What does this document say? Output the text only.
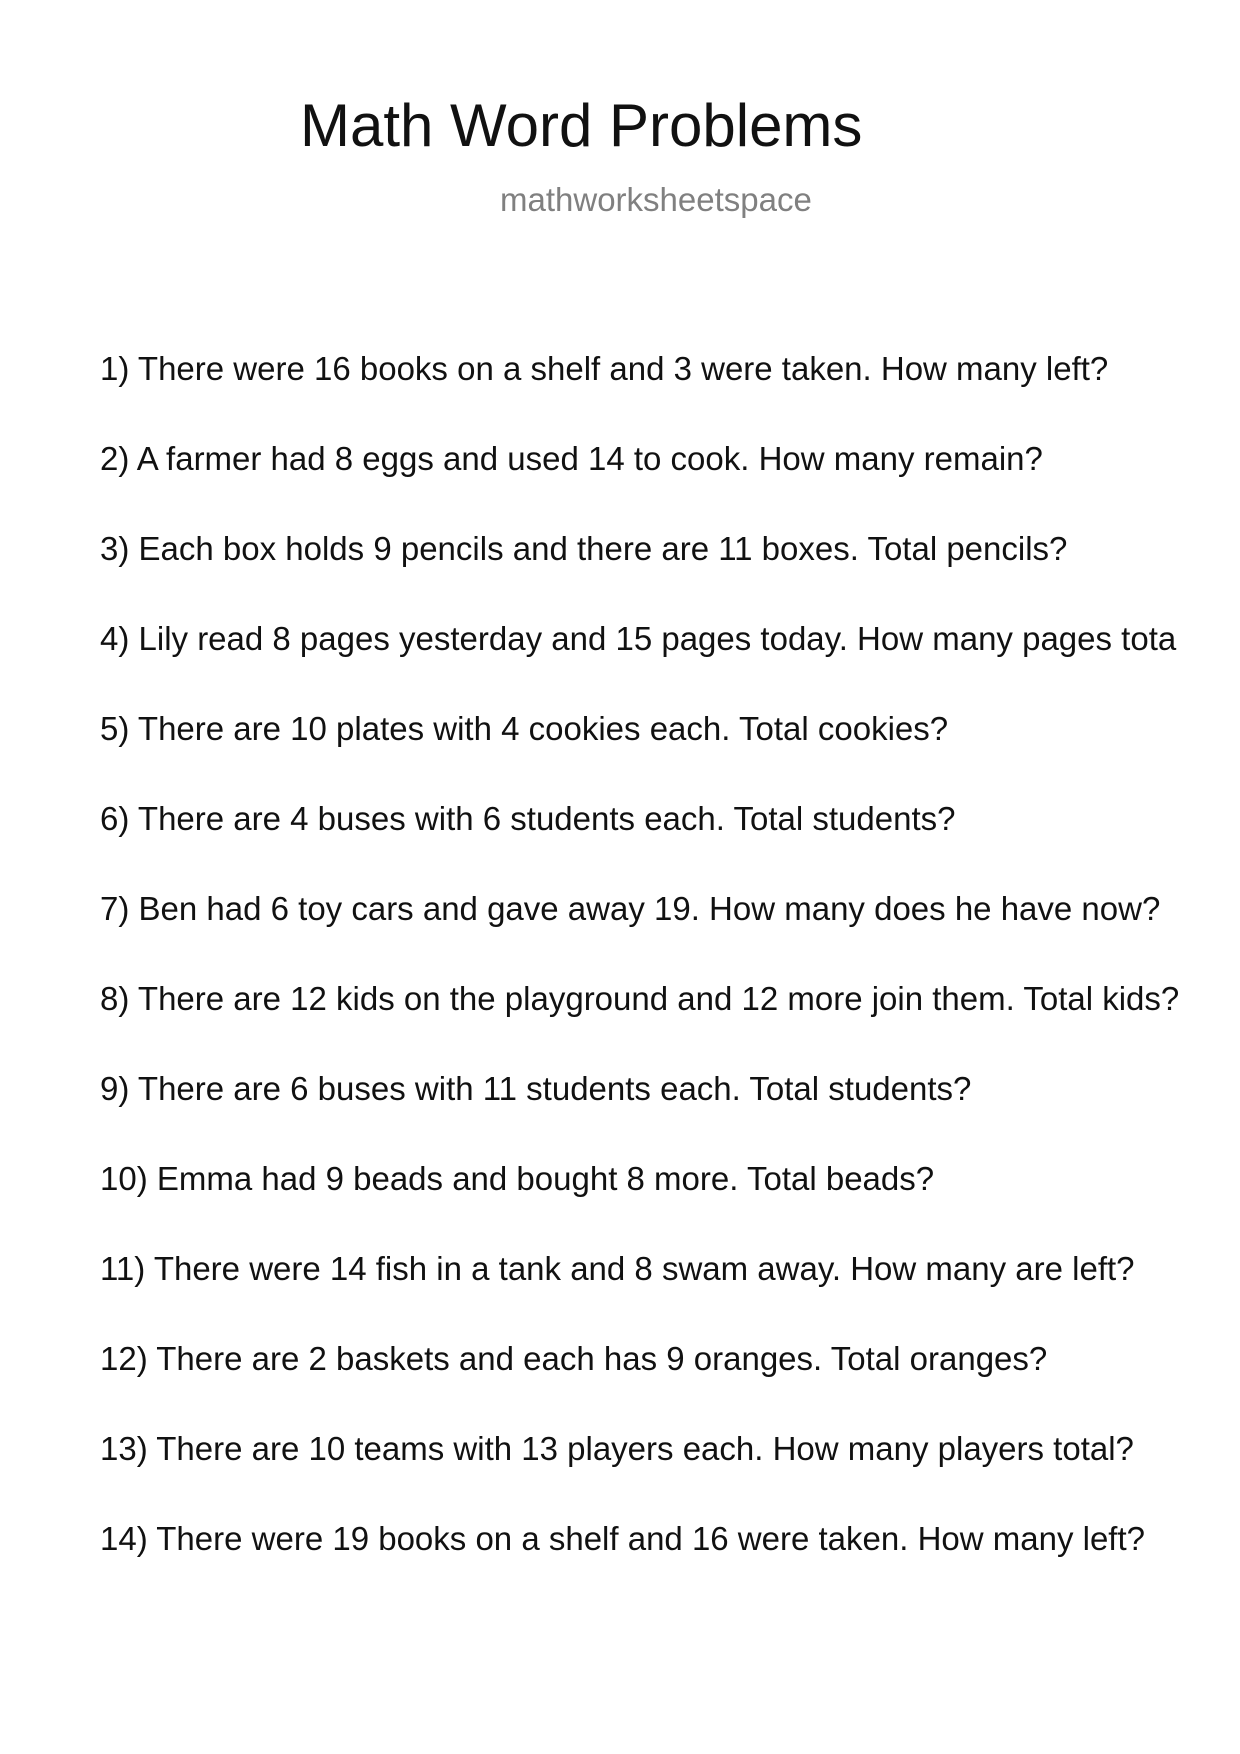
Math Word Problems
mathworksheetspace
1) There were 16 books on a shelf and 3 were taken. How many left?
2) A farmer had 8 eggs and used 14 to cook. How many remain?
3) Each box holds 9 pencils and there are 11 boxes. Total pencils?
4) Lily read 8 pages yesterday and 15 pages today. How many pages tota
5) There are 10 plates with 4 cookies each. Total cookies?
6) There are 4 buses with 6 students each. Total students?
7) Ben had 6 toy cars and gave away 19. How many does he have now?
8) There are 12 kids on the playground and 12 more join them. Total kids?
9) There are 6 buses with 11 students each. Total students?
10) Emma had 9 beads and bought 8 more. Total beads?
11) There were 14 fish in a tank and 8 swam away. How many are left?
12) There are 2 baskets and each has 9 oranges. Total oranges?
13) There are 10 teams with 13 players each. How many players total?
14) There were 19 books on a shelf and 16 were taken. How many left?
